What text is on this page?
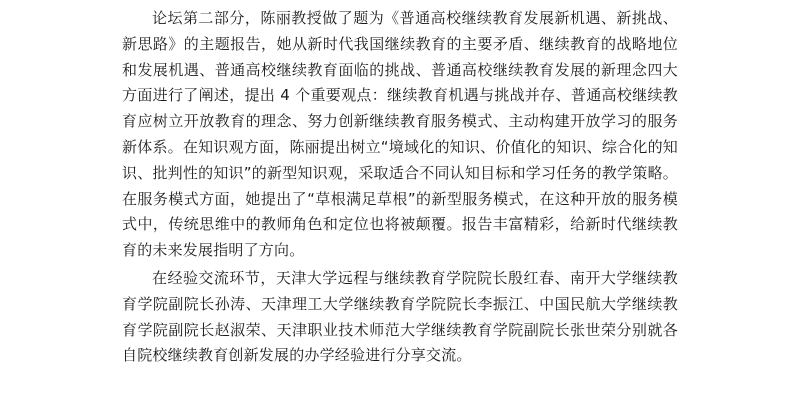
论坛第二部分，陈丽教授做了题为《普通高校继续教育发展新机遇、新挑战、新思路》的主题报告，她从新时代我国继续教育的主要矛盾、继续教育的战略地位和发展机遇、普通高校继续教育面临的挑战、普通高校继续教育发展的新理念四大方面进行了阐述，提出 4 个重要观点：继续教育机遇与挑战并存、普通高校继续教育应树立开放教育的理念、努力创新继续教育服务模式、主动构建开放学习的服务新体系。在知识观方面，陈丽提出树立“境域化的知识、价值化的知识、综合化的知识、批判性的知识”的新型知识观，采取适合不同认知目标和学习任务的教学策略。在服务模式方面，她提出了“草根满足草根”的新型服务模式，在这种开放的服务模式中，传统思维中的教师角色和定位也将被颠覆。报告丰富精彩，给新时代继续教育的未来发展指明了方向。

在经验交流环节，天津大学远程与继续教育学院院长殷红春、南开大学继续教育学院副院长孙涛、天津理工大学继续教育学院院长李振江、中国民航大学继续教育学院副院长赵淑荣、天津职业技术师范大学继续教育学院副院长张世荣分别就各自院校继续教育创新发展的办学经验进行分享交流。
